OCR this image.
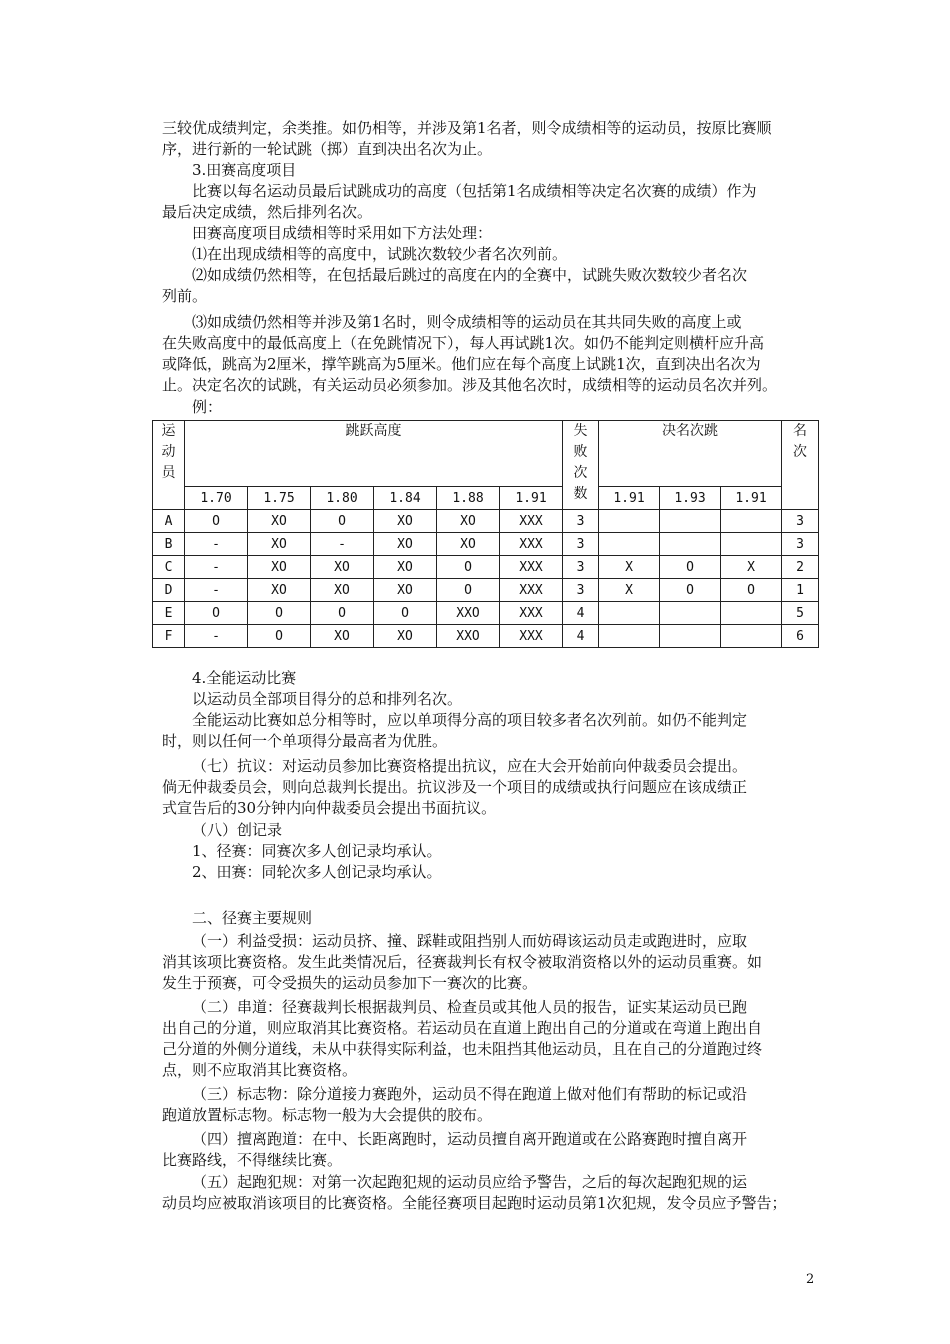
三较优成绩判定，余类推。如仍相等，并涉及第1名者，则令成绩相等的运动员，按原比赛顺

序，进行新的一轮试跳（掷）直到决出名次为止。

3.田赛高度项目

比赛以每名运动员最后试跳成功的高度（包括第1名成绩相等决定名次赛的成绩）作为

最后决定成绩，然后排列名次。

田赛高度项目成绩相等时采用如下方法处理：

⑴在出现成绩相等的高度中，试跳次数较少者名次列前。

⑵如成绩仍然相等，在包括最后跳过的高度在内的全赛中，试跳失败次数较少者名次

列前。

⑶如成绩仍然相等并涉及第1名时，则令成绩相等的运动员在其共同失败的高度上或

在失败高度中的最低高度上（在免跳情况下），每人再试跳1次。如仍不能判定则横杆应升高

或降低，跳高为2厘米，撑竿跳高为5厘米。他们应在每个高度上试跳1次，直到决出名次为

止。决定名次的试跳，有关运动员必须参加。涉及其他名次时，成绩相等的运动员名次并列。

例：

运
动
员	跳跃高度						失
败
次
数	决名次跳			名
次

	1.70	1.75	1.80	1.84	1.88	1.91		1.91	1.93	1.91	
A	O	XO	O	XO	XO	XXX	3				3
B	-	XO	-	XO	XO	XXX	3				3
C	-	XO	XO	XO	O	XXX	3	X	O	X	2
D	-	XO	XO	XO	O	XXX	3	X	O	O	1
E	O	O	O	O	XXO	XXX	4				5
F	-	O	XO	XO	XXO	XXX	4				6

4.全能运动比赛

以运动员全部项目得分的总和排列名次。

全能运动比赛如总分相等时，应以单项得分高的项目较多者名次列前。如仍不能判定

时，则以任何一个单项得分最高者为优胜。

（七）抗议：对运动员参加比赛资格提出抗议，应在大会开始前向仲裁委员会提出。

倘无仲裁委员会，则向总裁判长提出。抗议涉及一个项目的成绩或执行问题应在该成绩正

式宣告后的30分钟内向仲裁委员会提出书面抗议。

（八）创记录

1、径赛：同赛次多人创记录均承认。

2、田赛：同轮次多人创记录均承认。

二、径赛主要规则

（一）利益受损：运动员挤、撞、踩鞋或阻挡别人而妨碍该运动员走或跑进时，应取

消其该项比赛资格。发生此类情况后，径赛裁判长有权令被取消资格以外的运动员重赛。如

发生于预赛，可令受损失的运动员参加下一赛次的比赛。

（二）串道：径赛裁判长根据裁判员、检查员或其他人员的报告，证实某运动员已跑

出自己的分道，则应取消其比赛资格。若运动员在直道上跑出自己的分道或在弯道上跑出自

己分道的外侧分道线，未从中获得实际利益，也未阻挡其他运动员，且在自己的分道跑过终

点，则不应取消其比赛资格。

（三）标志物：除分道接力赛跑外，运动员不得在跑道上做对他们有帮助的标记或沿

跑道放置标志物。标志物一般为大会提供的胶布。

（四）擅离跑道：在中、长距离跑时，运动员擅自离开跑道或在公路赛跑时擅自离开

比赛路线，不得继续比赛。

（五）起跑犯规：对第一次起跑犯规的运动员应给予警告，之后的每次起跑犯规的运

动员均应被取消该项目的比赛资格。全能径赛项目起跑时运动员第1次犯规，发令员应予警告；

2
